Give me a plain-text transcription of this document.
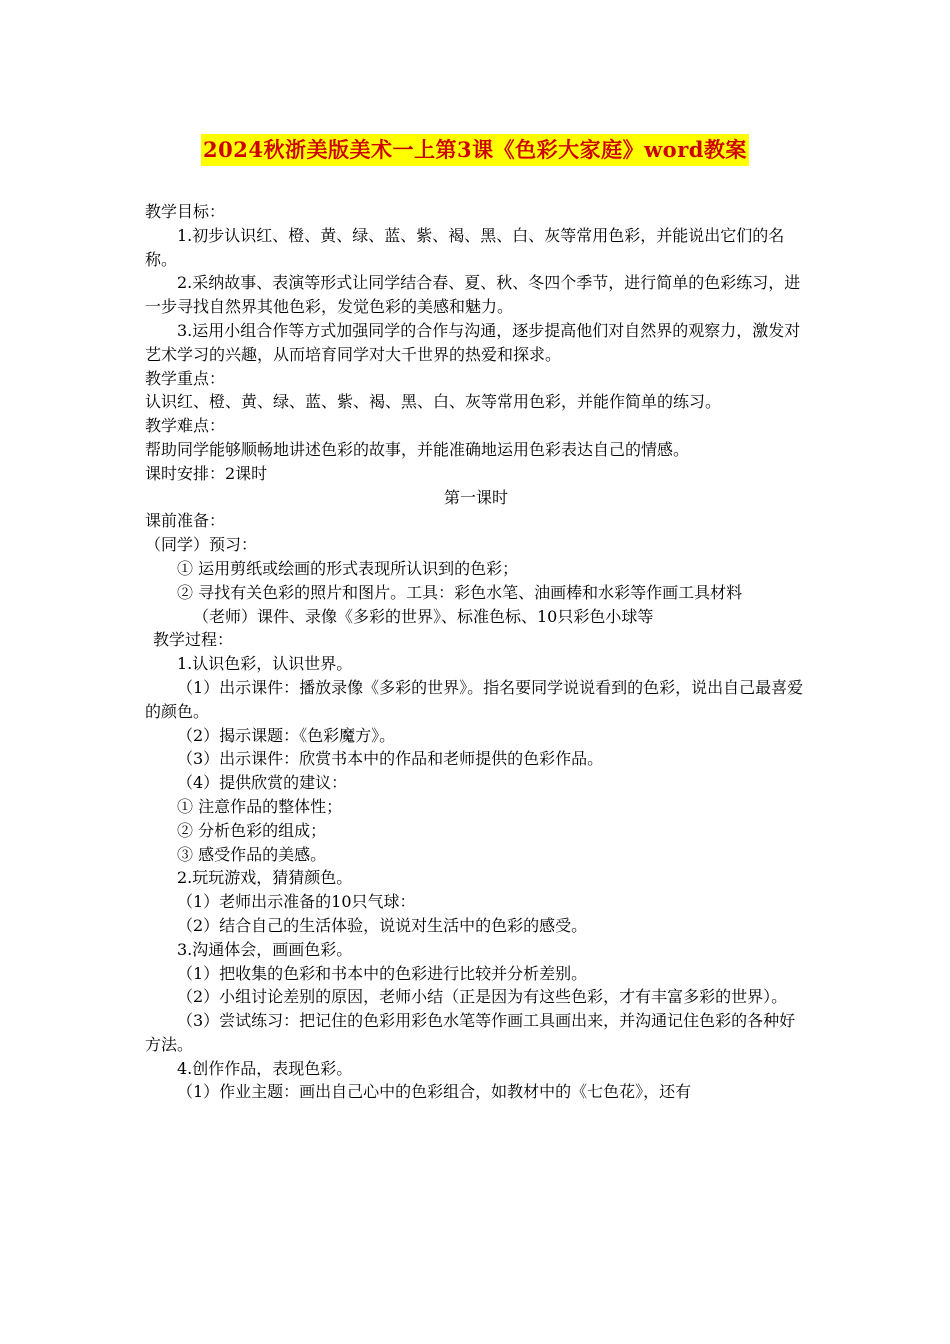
2024秋浙美版美术一上第3课《色彩大家庭》word教案

教学目标：

1.初步认识红、橙、黄、绿、蓝、紫、褐、黑、白、灰等常用色彩，并能说出它们的名称。

2.采纳故事、表演等形式让同学结合春、夏、秋、冬四个季节，进行简单的色彩练习，进一步寻找自然界其他色彩，发觉色彩的美感和魅力。

3.运用小组合作等方式加强同学的合作与沟通，逐步提高他们对自然界的观察力，激发对艺术学习的兴趣，从而培育同学对大千世界的热爱和探求。

教学重点：

认识红、橙、黄、绿、蓝、紫、褐、黑、白、灰等常用色彩，并能作简单的练习。

教学难点：

帮助同学能够顺畅地讲述色彩的故事，并能准确地运用色彩表达自己的情感。

课时安排：2课时

第一课时

课前准备：

（同学）预习：

① 运用剪纸或绘画的形式表现所认识到的色彩；

② 寻找有关色彩的照片和图片。工具：彩色水笔、油画棒和水彩等作画工具材料

（老师）课件、录像《多彩的世界》、标准色标、10只彩色小球等

教学过程：

1.认识色彩，认识世界。

（1）出示课件：播放录像《多彩的世界》。指名要同学说说看到的色彩，说出自己最喜爱的颜色。

（2）揭示课题：《色彩魔方》。

（3）出示课件：欣赏书本中的作品和老师提供的色彩作品。

（4）提供欣赏的建议：

① 注意作品的整体性；

② 分析色彩的组成；

③ 感受作品的美感。

2.玩玩游戏，猜猜颜色。

（1）老师出示准备的10只气球：

（2）结合自己的生活体验，说说对生活中的色彩的感受。

3.沟通体会，画画色彩。

（1）把收集的色彩和书本中的色彩进行比较并分析差别。

（2）小组讨论差别的原因，老师小结（正是因为有这些色彩，才有丰富多彩的世界）。

（3）尝试练习：把记住的色彩用彩色水笔等作画工具画出来，并沟通记住色彩的各种好方法。

4.创作作品，表现色彩。

（1）作业主题：画出自己心中的色彩组合，如教材中的《七色花》，还有
